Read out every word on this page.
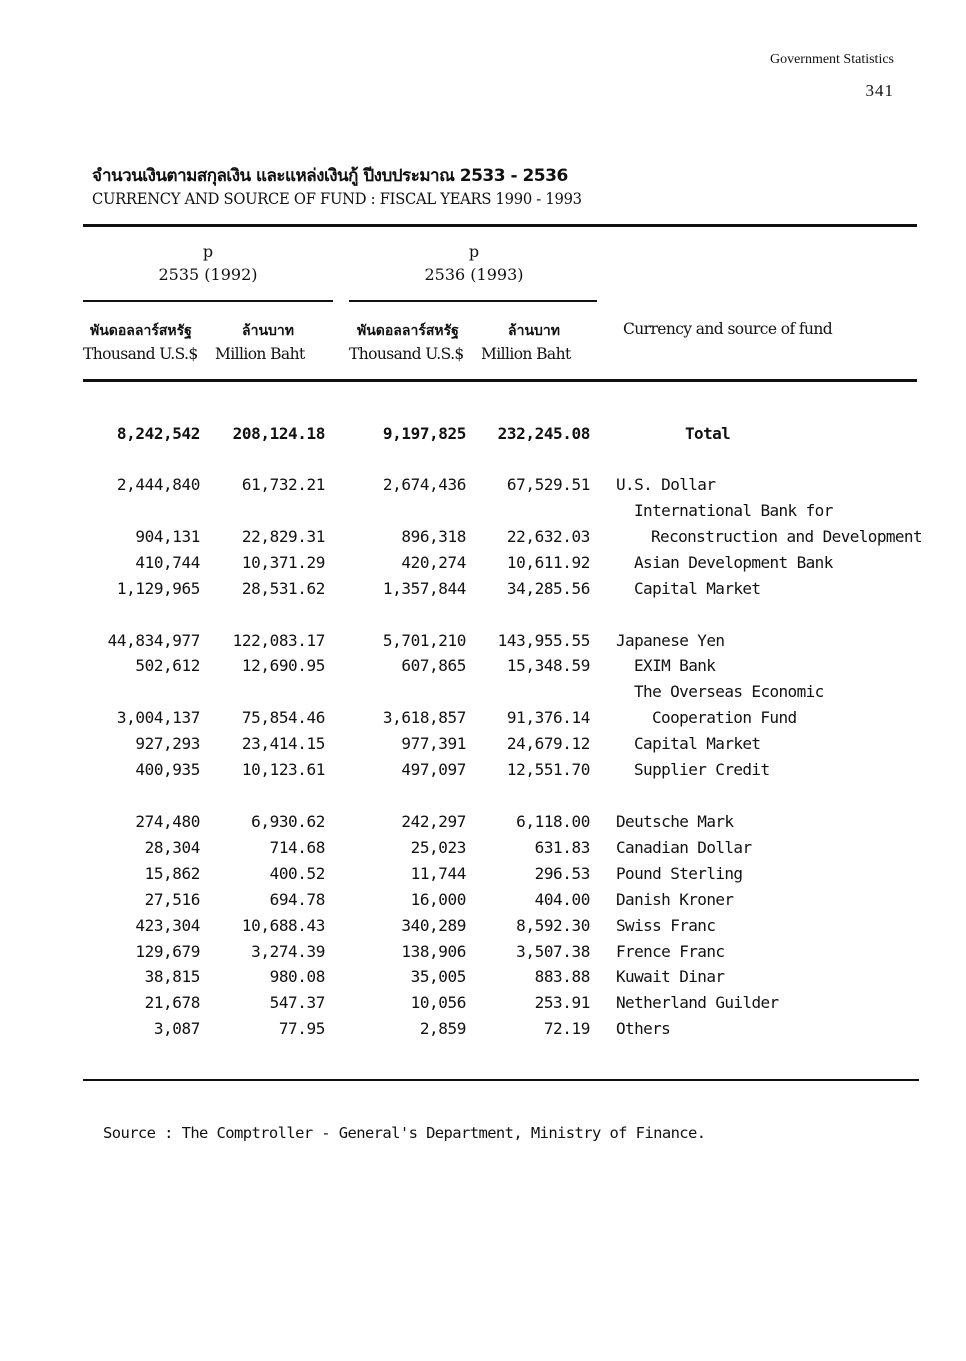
Government Statistics
341
จำนวนเงินตามสกุลเงิน และแหล่งเงินกู้ ปีงบประมาณ 2533 - 2536
CURRENCY AND SOURCE OF FUND : FISCAL YEARS 1990 - 1993
p
2535 (1992)
p
2536 (1993)
พันดอลลาร์สหรัฐ	ล้านบาท	พันดอลลาร์สหรัฐ	ล้านบาท
Thousand U.S.$ Million Baht	Thousand U.S.$ Million Baht
Currency and source of fund
8,242,542 208,124.18	9,197,825 232,245.08	Total
2,444,840	61,732.21	2,674,436	67,529.51 U.S. Dollar
International Bank for
904,131	22,829.31	896,318	22,632.03	Reconstruction and Development
410,744	10,371.29	420,274	10,611.92	Asian Development Bank
1,129,965	28,531.62	1,357,844	34,285.56	Capital Market
44,834,977 122,083.17	5,701,210 143,955.55 Japanese Yen
502,612	12,690.95	607,865	15,348.59	EXIM Bank
The Overseas Economic
3,004,137	75,854.46	3,618,857	91,376.14	Cooperation Fund
927,293	23,414.15	977,391	24,679.12	Capital Market
400,935	10,123.61	497,097	12,551.70	Supplier Credit
274,480	6,930.62	242,297	6,118.00 Deutsche Mark
28,304	714.68	25,023	631.83 Canadian Dollar
15,862	400.52	11,744	296.53 Pound Sterling
27,516	694.78	16,000	404.00 Danish Kroner
423,304	10,688.43	340,289	8,592.30 Swiss Franc
129,679	3,274.39	138,906	3,507.38 Frence Franc
38,815	980.08	35,005	883.88 Kuwait Dinar
21,678	547.37	10,056	253.91 Netherland Guilder
3,087	77.95	2,859	72.19 Others
Source : The Comptroller - General's Department, Ministry of Finance.
